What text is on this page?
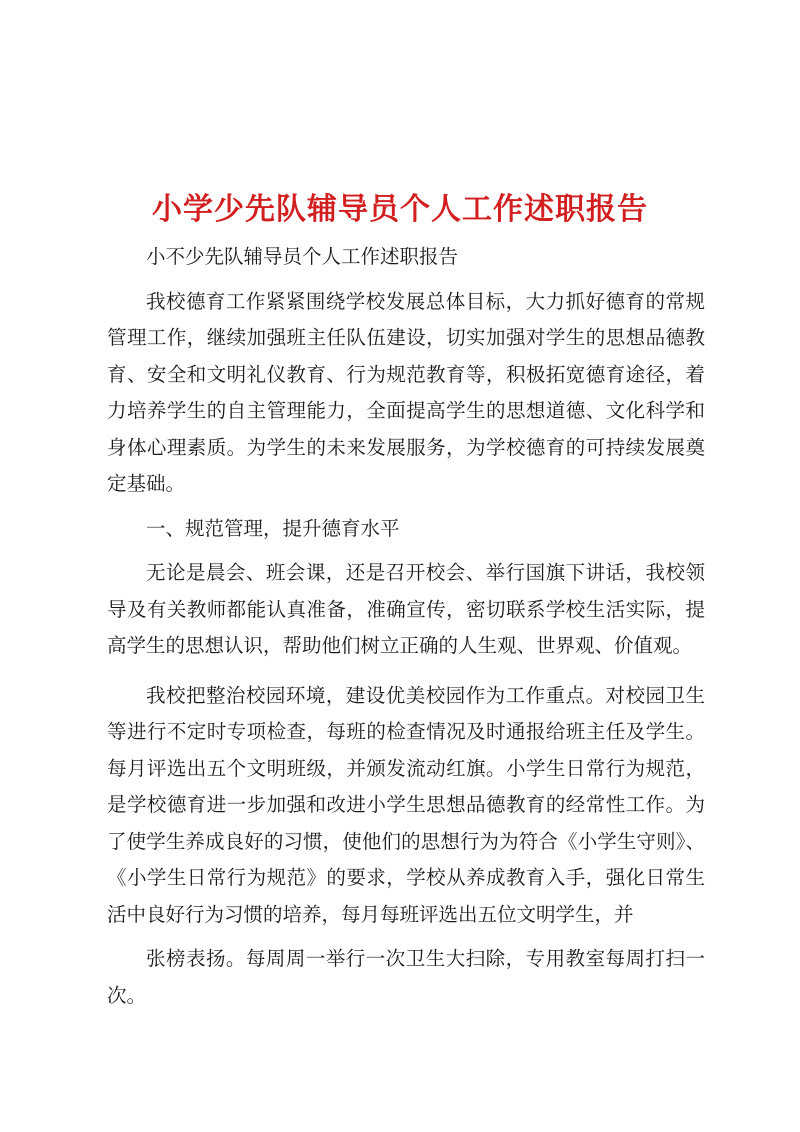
小学少先队辅导员个人工作述职报告

小不少先队辅导员个人工作述职报告

我校德育工作紧紧围绕学校发展总体目标，大力抓好德育的常规管理工作，继续加强班主任队伍建设，切实加强对学生的思想品德教育、安全和文明礼仪教育、行为规范教育等，积极拓宽德育途径，着力培养学生的自主管理能力，全面提高学生的思想道德、文化科学和身体心理素质。为学生的未来发展服务，为学校德育的可持续发展奠定基础。

一、规范管理，提升德育水平

无论是晨会、班会课，还是召开校会、举行国旗下讲话，我校领导及有关教师都能认真准备，准确宣传，密切联系学校生活实际，提高学生的思想认识，帮助他们树立正确的人生观、世界观、价值观。

我校把整治校园环境，建设优美校园作为工作重点。对校园卫生等进行不定时专项检查，每班的检查情况及时通报给班主任及学生。每月评选出五个文明班级，并颁发流动红旗。小学生日常行为规范，是学校德育进一步加强和改进小学生思想品德教育的经常性工作。为了使学生养成良好的习惯，使他们的思想行为为符合《小学生守则》、《小学生日常行为规范》的要求，学校从养成教育入手，强化日常生活中良好行为习惯的培养，每月每班评选出五位文明学生，并

张榜表扬。每周周一举行一次卫生大扫除，专用教室每周打扫一次。
